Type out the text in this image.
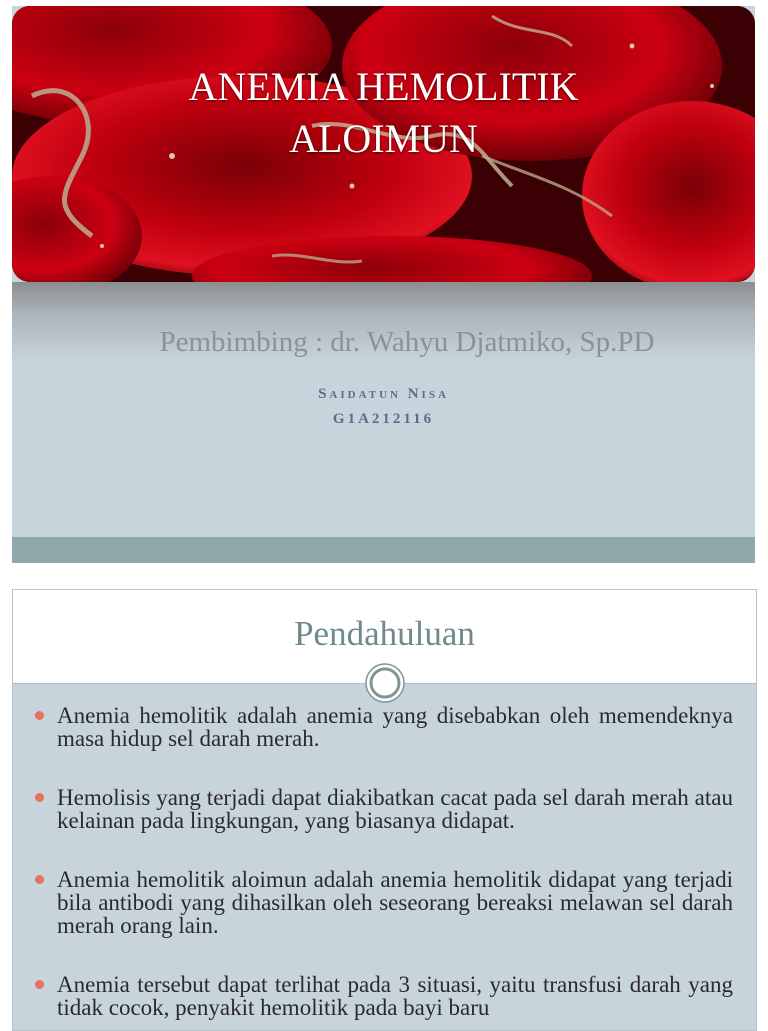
ANEMIA HEMOLITIK
ALOIMUN

Pembimbing : dr. Wahyu Djatmiko, Sp.PD

Saidatun Nisa
G1A212116
Pendahuluan
Anemia hemolitik adalah anemia yang disebabkan oleh memendeknya masa hidup sel darah merah.
Hemolisis yang terjadi dapat diakibatkan cacat pada sel darah merah atau kelainan pada lingkungan, yang biasanya didapat.
Anemia hemolitik aloimun adalah anemia hemolitik didapat yang terjadi bila antibodi yang dihasilkan oleh seseorang bereaksi melawan sel darah merah orang lain.
Anemia tersebut dapat terlihat pada 3 situasi, yaitu transfusi darah yang tidak cocok, penyakit hemolitik pada bayi baru
